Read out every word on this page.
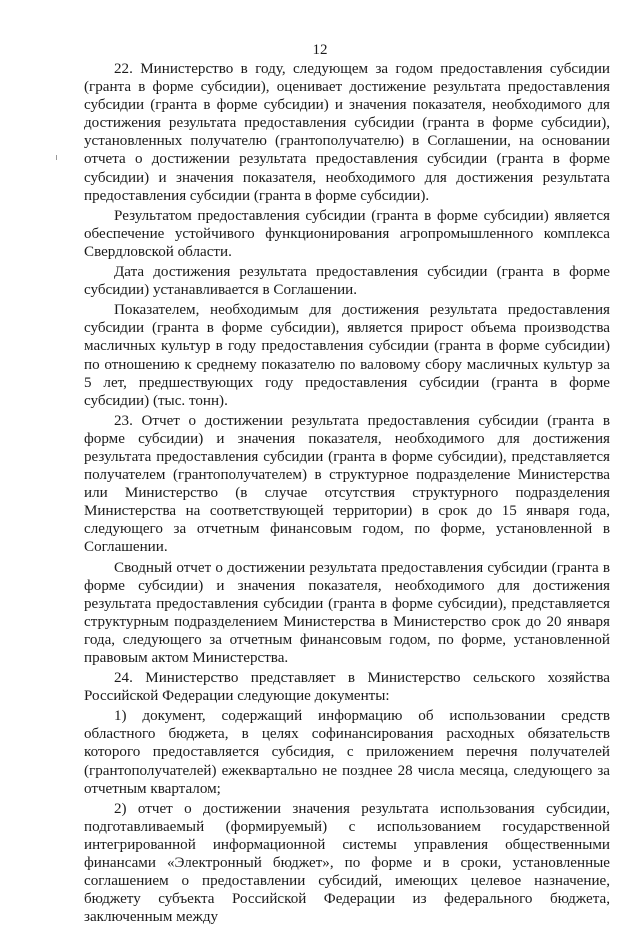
12

22. Министерство в году, следующем за годом предоставления субсидии (гранта в форме субсидии), оценивает достижение результата предоставления субсидии (гранта в форме субсидии) и значения показателя, необходимого для достижения результата предоставления субсидии (гранта в форме субсидии), установленных получателю (грантополучателю) в Соглашении, на основании отчета о достижении результата предоставления субсидии (гранта в форме субсидии) и значения показателя, необходимого для достижения результата предоставления субсидии (гранта в форме субсидии).

Результатом предоставления субсидии (гранта в форме субсидии) является обеспечение устойчивого функционирования агропромышленного комплекса Свердловской области.

Дата достижения результата предоставления субсидии (гранта в форме субсидии) устанавливается в Соглашении.

Показателем, необходимым для достижения результата предоставления субсидии (гранта в форме субсидии), является прирост объема производства масличных культур в году предоставления субсидии (гранта в форме субсидии) по отношению к среднему показателю по валовому сбору масличных культур за 5 лет, предшествующих году предоставления субсидии (гранта в форме субсидии) (тыс. тонн).

23. Отчет о достижении результата предоставления субсидии (гранта в форме субсидии) и значения показателя, необходимого для достижения результата предоставления субсидии (гранта в форме субсидии), представляется получателем (грантополучателем) в структурное подразделение Министерства или Министерство (в случае отсутствия структурного подразделения Министерства на соответствующей территории) в срок до 15 января года, следующего за отчетным финансовым годом, по форме, установленной в Соглашении.

Сводный отчет о достижении результата предоставления субсидии (гранта в форме субсидии) и значения показателя, необходимого для достижения результата предоставления субсидии (гранта в форме субсидии), представляется структурным подразделением Министерства в Министерство срок до 20 января года, следующего за отчетным финансовым годом, по форме, установленной правовым актом Министерства.

24. Министерство представляет в Министерство сельского хозяйства Российской Федерации следующие документы:

1) документ, содержащий информацию об использовании средств областного бюджета, в целях софинансирования расходных обязательств которого предоставляется субсидия, с приложением перечня получателей (грантополучателей) ежеквартально не позднее 28 числа месяца, следующего за отчетным кварталом;

2) отчет о достижении значения результата использования субсидии, подготавливаемый (формируемый) с использованием государственной интегрированной информационной системы управления общественными финансами «Электронный бюджет», по форме и в сроки, установленные соглашением о предоставлении субсидий, имеющих целевое назначение, бюджету субъекта Российской Федерации из федерального бюджета, заключенным между
